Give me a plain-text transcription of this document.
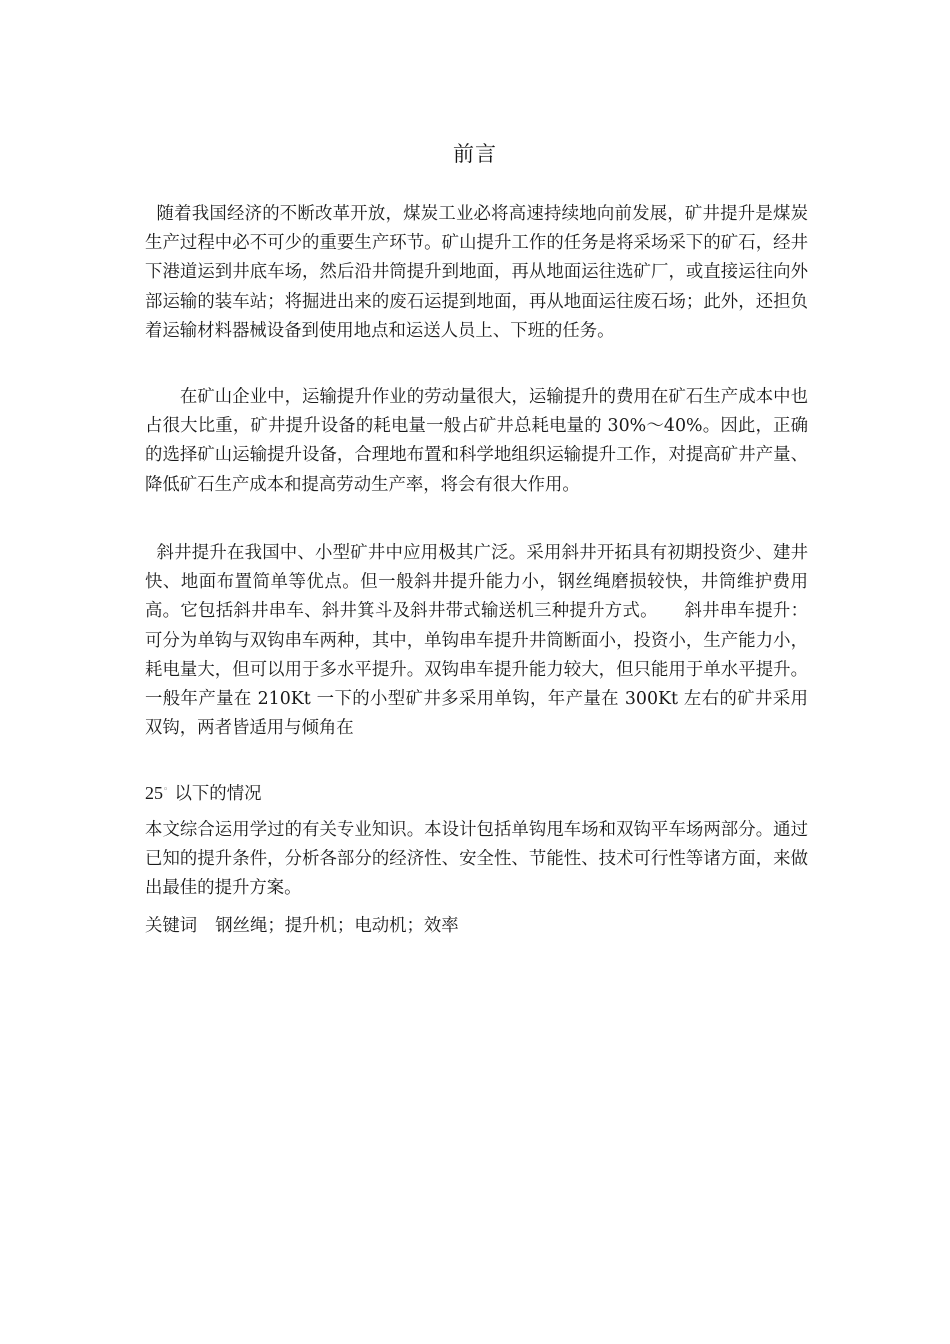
前言

随着我国经济的不断改革开放，煤炭工业必将高速持续地向前发展，矿井提升是煤炭生产过程中必不可少的重要生产环节。矿山提升工作的任务是将采场采下的矿石，经井下港道运到井底车场，然后沿井筒提升到地面，再从地面运往选矿厂，或直接运往向外部运输的装车站；将掘进出来的废石运提到地面，再从地面运往废石场；此外，还担负着运输材料器械设备到使用地点和运送人员上、下班的任务。

　　在矿山企业中，运输提升作业的劳动量很大，运输提升的费用在矿石生产成本中也占很大比重，矿井提升设备的耗电量一般占矿井总耗电量的 30%～40%。因此，正确的选择矿山运输提升设备，合理地布置和科学地组织运输提升工作，对提高矿井产量、降低矿石生产成本和提高劳动生产率，将会有很大作用。

斜井提升在我国中、小型矿井中应用极其广泛。采用斜井开拓具有初期投资少、建井快、地面布置简单等优点。但一般斜井提升能力小，钢丝绳磨损较快，井筒维护费用高。它包括斜井串车、斜井箕斗及斜井带式输送机三种提升方式。　　斜井串车提升：可分为单钩与双钩串车两种，其中，单钩串车提升井筒断面小，投资小，生产能力小，耗电量大，但可以用于多水平提升。双钩串车提升能力较大，但只能用于单水平提升。一般年产量在 210Kt 一下的小型矿井多采用单钩，年产量在 300Kt 左右的矿井采用双钩，两者皆适用与倾角在

25◦ 以下的情况

本文综合运用学过的有关专业知识。本设计包括单钩甩车场和双钩平车场两部分。通过已知的提升条件，分析各部分的经济性、安全性、节能性、技术可行性等诸方面，来做出最佳的提升方案。

关键词 钢丝绳；提升机；电动机；效率
